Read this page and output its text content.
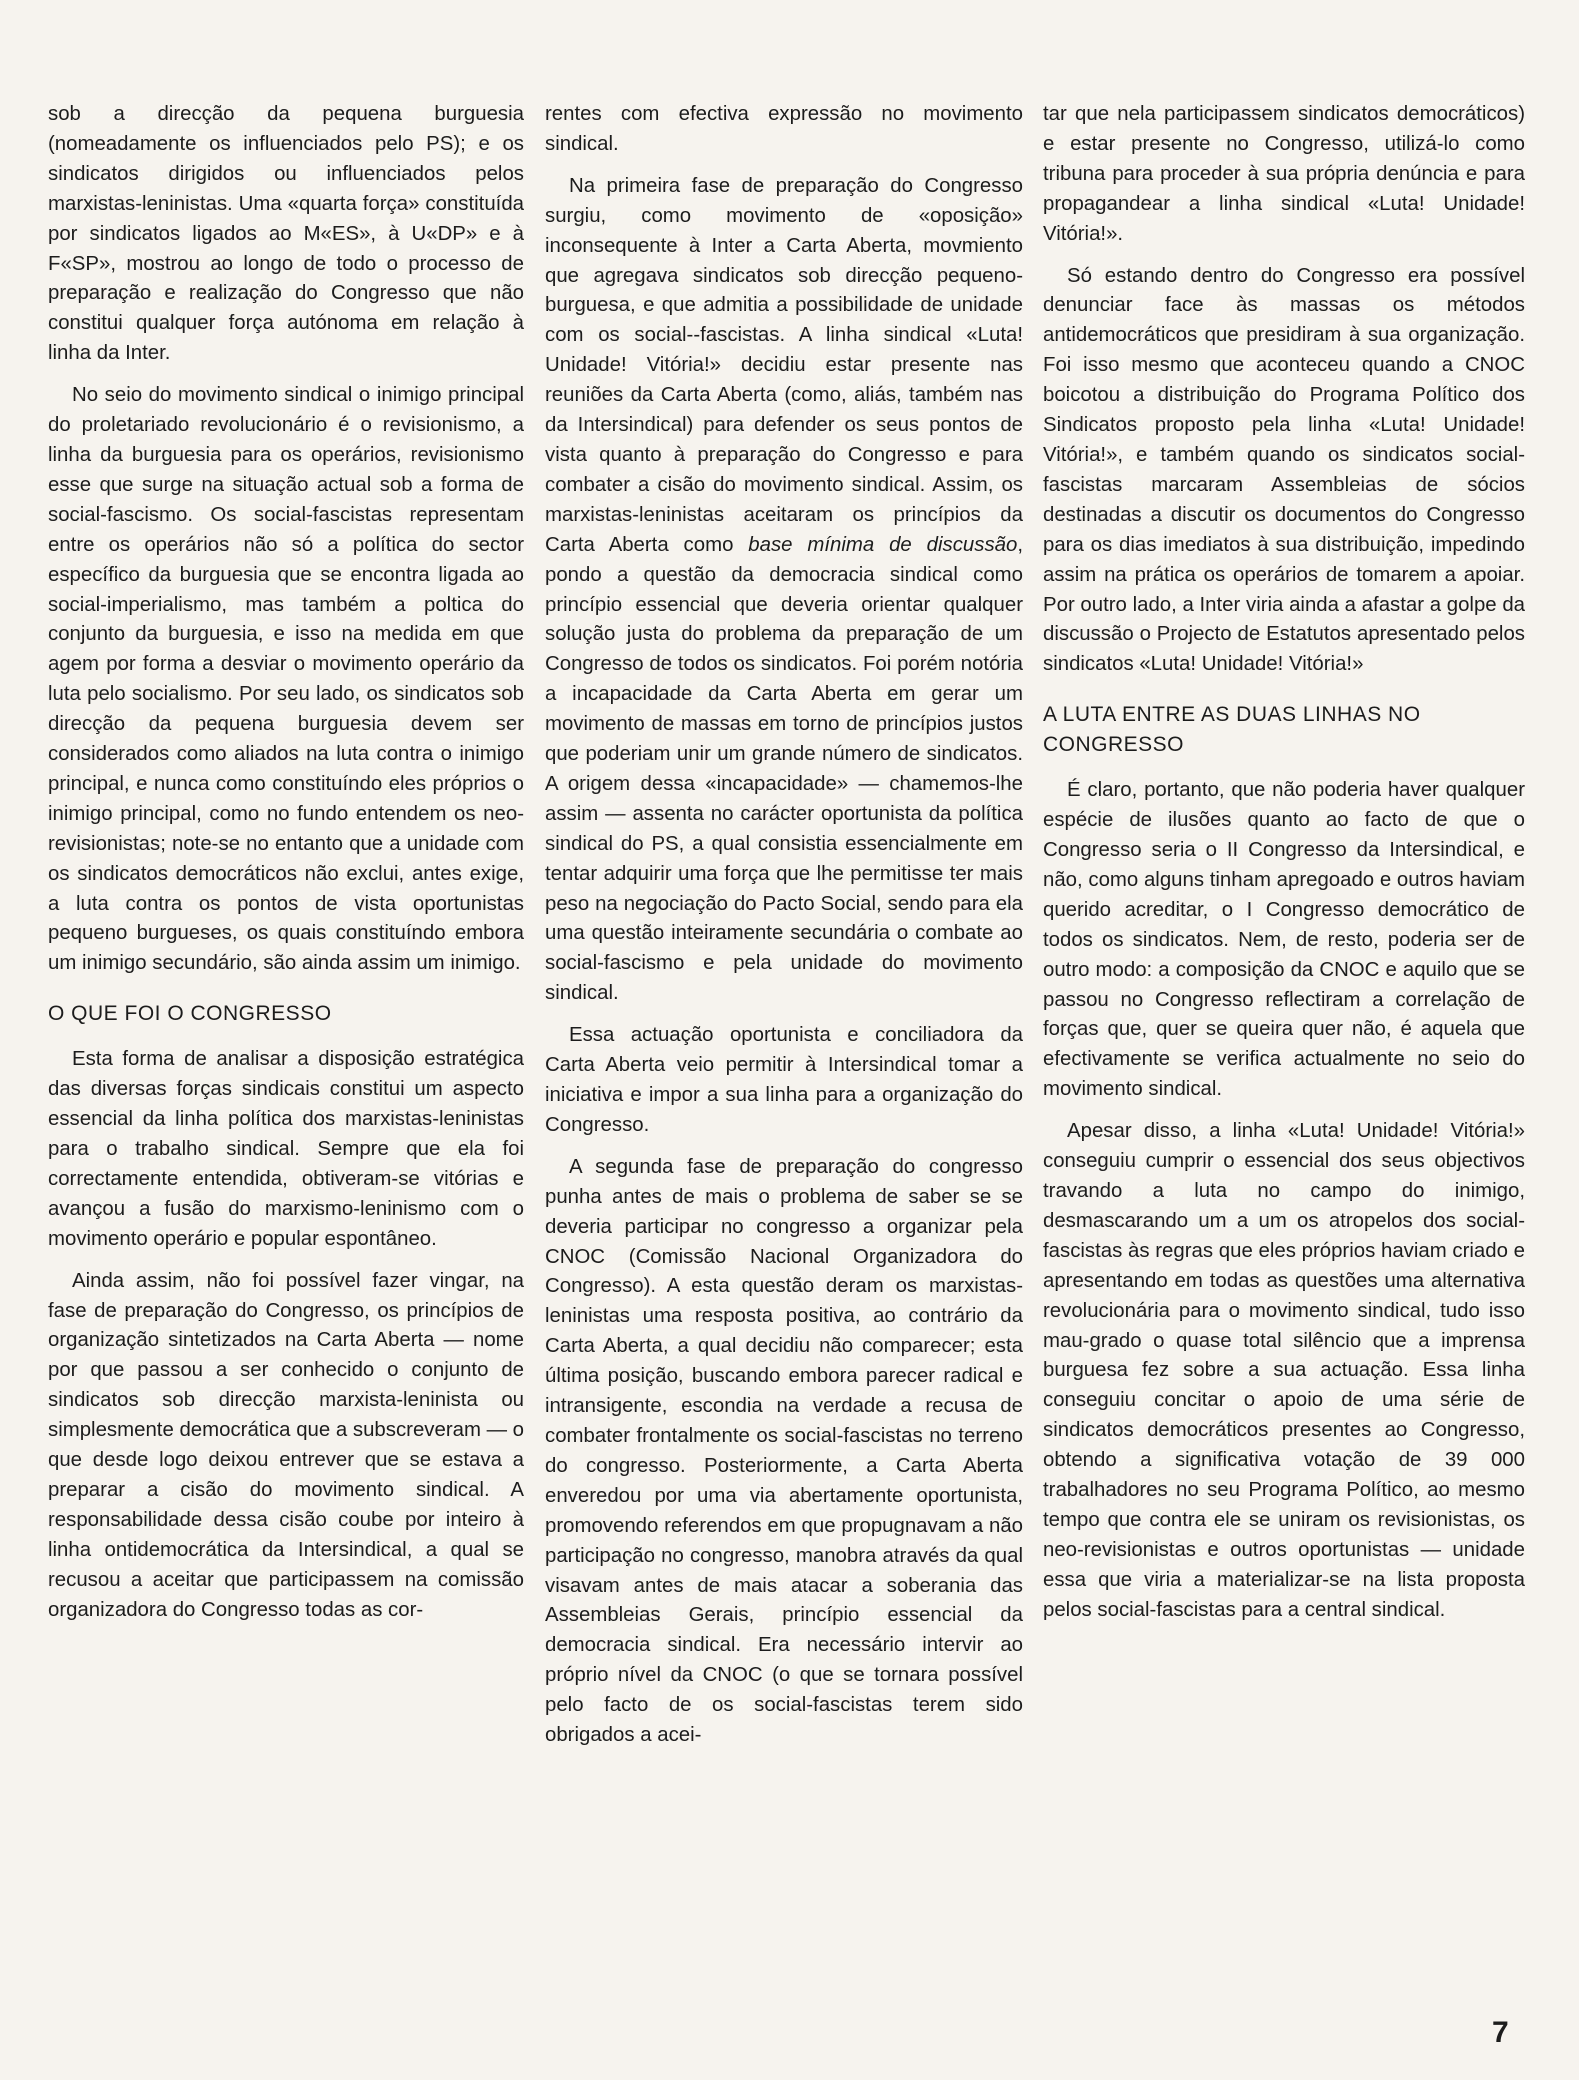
sob a direcção da pequena burguesia (nomeadamente os influenciados pelo PS); e os sindicatos dirigidos ou influenciados pelos marxistas-leninistas. Uma «quarta força» constituída por sindicatos ligados ao M«ES», à U«DP» e à F«SP», mostrou ao longo de todo o processo de preparação e realização do Congresso que não constitui qualquer força autónoma em relação à linha da Inter.

No seio do movimento sindical o inimigo principal do proletariado revolucionário é o revisionismo, a linha da burguesia para os operários, revisionismo esse que surge na situação actual sob a forma de social-fascismo. Os social-fascistas representam entre os operários não só a política do sector específico da burguesia que se encontra ligada ao social-imperialismo, mas também a poltica do conjunto da burguesia, e isso na medida em que agem por forma a desviar o movimento operário da luta pelo socialismo. Por seu lado, os sindicatos sob direcção da pequena burguesia devem ser considerados como aliados na luta contra o inimigo principal, e nunca como constituíndo eles próprios o inimigo principal, como no fundo entendem os neo-revisionistas; note-se no entanto que a unidade com os sindicatos democráticos não exclui, antes exige, a luta contra os pontos de vista oportunistas pequeno burgueses, os quais constituíndo embora um inimigo secundário, são ainda assim um inimigo.

O QUE FOI O CONGRESSO

Esta forma de analisar a disposição estratégica das diversas forças sindicais constitui um aspecto essencial da linha política dos marxistas-leninistas para o trabalho sindical. Sempre que ela foi correctamente entendida, obtiveram-se vitórias e avançou a fusão do marxismo-leninismo com o movimento operário e popular espontâneo.

Ainda assim, não foi possível fazer vingar, na fase de preparação do Congresso, os princípios de organização sintetizados na Carta Aberta — nome por que passou a ser conhecido o conjunto de sindicatos sob direcção marxista-leninista ou simplesmente democrática que a subscreveram — o que desde logo deixou entrever que se estava a preparar a cisão do movimento sindical. A responsabilidade dessa cisão coube por inteiro à linha ontidemocrática da Intersindical, a qual se recusou a aceitar que participassem na comissão organizadora do Congresso todas as cor-

rentes com efectiva expressão no movimento sindical.

Na primeira fase de preparação do Congresso surgiu, como movimento de «oposição» inconsequente à Inter a Carta Aberta, movmiento que agregava sindicatos sob direcção pequeno-burguesa, e que admitia a possibilidade de unidade com os social--fascistas. A linha sindical «Luta! Unidade! Vitória!» decidiu estar presente nas reuniões da Carta Aberta (como, aliás, também nas da Intersindical) para defender os seus pontos de vista quanto à preparação do Congresso e para combater a cisão do movimento sindical. Assim, os marxistas-leninistas aceitaram os princípios da Carta Aberta como base mínima de discussão, pondo a questão da democracia sindical como princípio essencial que deveria orientar qualquer solução justa do problema da preparação de um Congresso de todos os sindicatos. Foi porém notória a incapacidade da Carta Aberta em gerar um movimento de massas em torno de princípios justos que poderiam unir um grande número de sindicatos. A origem dessa «incapacidade» — chamemos-lhe assim — assenta no carácter oportunista da política sindical do PS, a qual consistia essencialmente em tentar adquirir uma força que lhe permitisse ter mais peso na negociação do Pacto Social, sendo para ela uma questão inteiramente secundária o combate ao social-fascismo e pela unidade do movimento sindical.

Essa actuação oportunista e conciliadora da Carta Aberta veio permitir à Intersindical tomar a iniciativa e impor a sua linha para a organização do Congresso.

A segunda fase de preparação do congresso punha antes de mais o problema de saber se se deveria participar no congresso a organizar pela CNOC (Comissão Nacional Organizadora do Congresso). A esta questão deram os marxistas-leninistas uma resposta positiva, ao contrário da Carta Aberta, a qual decidiu não comparecer; esta última posição, buscando embora parecer radical e intransigente, escondia na verdade a recusa de combater frontalmente os social-fascistas no terreno do congresso. Posteriormente, a Carta Aberta enveredou por uma via abertamente oportunista, promovendo referendos em que propugnavam a não participação no congresso, manobra através da qual visavam antes de mais atacar a soberania das Assembleias Gerais, princípio essencial da democracia sindical. Era necessário intervir ao próprio nível da CNOC (o que se tornara possível pelo facto de os social-fascistas terem sido obrigados a acei-

tar que nela participassem sindicatos democráticos) e estar presente no Congresso, utilizá-lo como tribuna para proceder à sua própria denúncia e para propagandear a linha sindical «Luta! Unidade! Vitória!».

Só estando dentro do Congresso era possível denunciar face às massas os métodos antidemocráticos que presidiram à sua organização. Foi isso mesmo que aconteceu quando a CNOC boicotou a distribuição do Programa Político dos Sindicatos proposto pela linha «Luta! Unidade! Vitória!», e também quando os sindicatos social-fascistas marcaram Assembleias de sócios destinadas a discutir os documentos do Congresso para os dias imediatos à sua distribuição, impedindo assim na prática os operários de tomarem a apoiar. Por outro lado, a Inter viria ainda a afastar a golpe da discussão o Projecto de Estatutos apresentado pelos sindicatos «Luta! Unidade! Vitória!»

A LUTA ENTRE AS DUAS LINHAS NO CONGRESSO

É claro, portanto, que não poderia haver qualquer espécie de ilusões quanto ao facto de que o Congresso seria o II Congresso da Intersindical, e não, como alguns tinham apregoado e outros haviam querido acreditar, o I Congresso democrático de todos os sindicatos. Nem, de resto, poderia ser de outro modo: a composição da CNOC e aquilo que se passou no Congresso reflectiram a correlação de forças que, quer se queira quer não, é aquela que efectivamente se verifica actualmente no seio do movimento sindical.

Apesar disso, a linha «Luta! Unidade! Vitória!» conseguiu cumprir o essencial dos seus objectivos travando a luta no campo do inimigo, desmascarando um a um os atropelos dos social-fascistas às regras que eles próprios haviam criado e apresentando em todas as questões uma alternativa revolucionária para o movimento sindical, tudo isso mau-grado o quase total silêncio que a imprensa burguesa fez sobre a sua actuação. Essa linha conseguiu concitar o apoio de uma série de sindicatos democráticos presentes ao Congresso, obtendo a significativa votação de 39 000 trabalhadores no seu Programa Político, ao mesmo tempo que contra ele se uniram os revisionistas, os neo-revisionistas e outros oportunistas — unidade essa que viria a materializar-se na lista proposta pelos social-fascistas para a central sindical.

7
